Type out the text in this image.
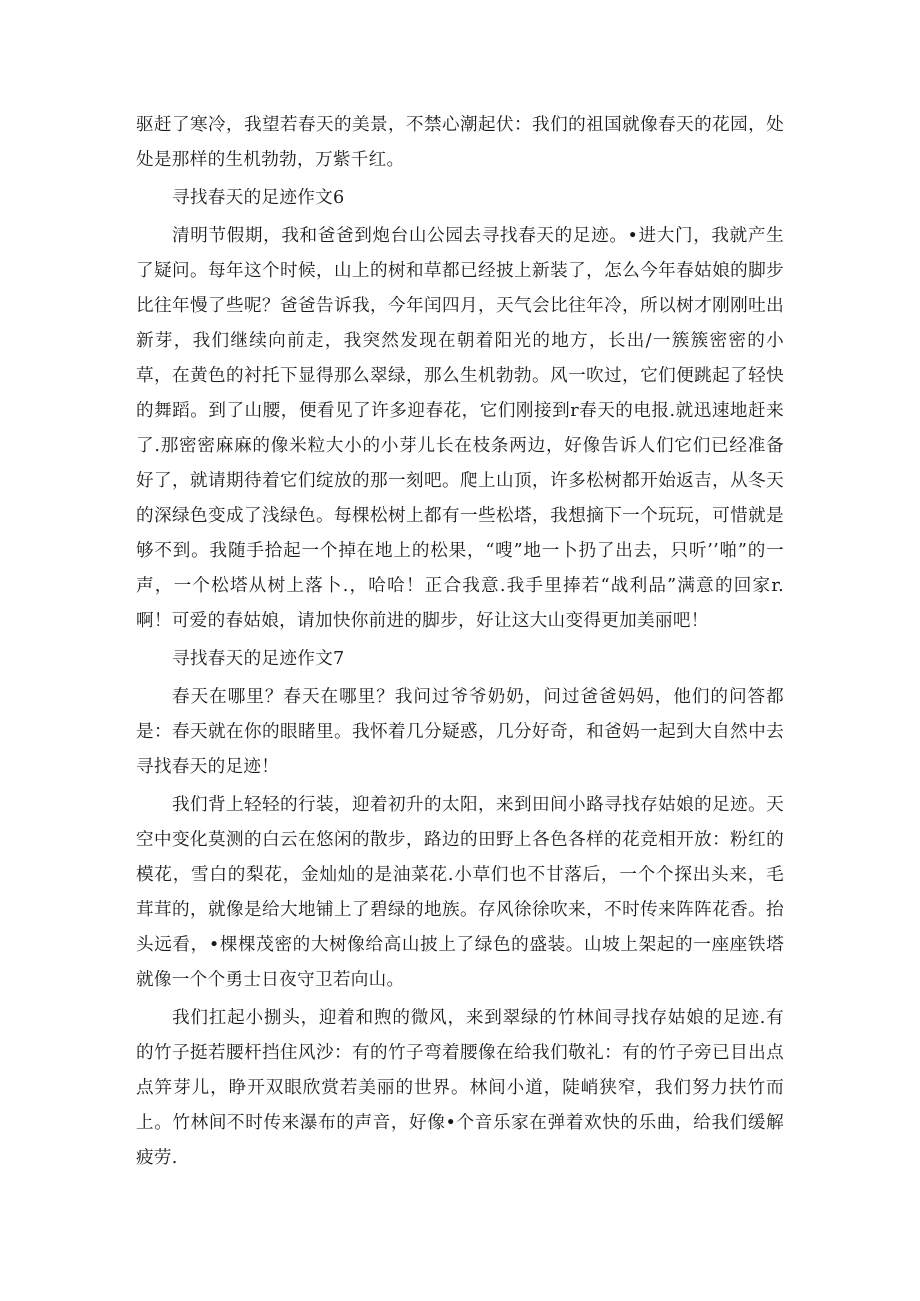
驱赶了寒冷，我望若春天的美景，不禁心潮起伏：我们的祖国就像春天的花园，处处是那样的生机勃勃，万紫千红。

寻找春天的足迹作文6

清明节假期，我和爸爸到炮台山公园去寻找春天的足迹。•进大门，我就产生了疑问。每年这个时候，山上的树和草都已经披上新装了，怎么今年春姑娘的脚步比往年慢了些呢？爸爸告诉我，今年闰四月，天气会比往年冷，所以树才刚刚吐出新芽，我们继续向前走，我突然发现在朝着阳光的地方，长出/一簇簇密密的小草，在黄色的衬托下显得那么翠绿，那么生机勃勃。风一吹过，它们便跳起了轻快的舞蹈。到了山腰，便看见了许多迎春花，它们刚接到r春天的电报.就迅速地赶来了.那密密麻麻的像米粒大小的小芽儿长在枝条两边，好像告诉人们它们已经准备好了，就请期待着它们绽放的那一刻吧。爬上山顶，许多松树都开始返吉，从冬天的深绿色变成了浅绿色。每棵松树上都有一些松塔，我想摘下一个玩玩，可惜就是够不到。我随手拾起一个掉在地上的松果，“嗖”地一卜扔了出去，只听’’啪”的一声，一个松塔从树上落卜.，哈哈！正合我意.我手里捧若“战利品”满意的回家r.啊！可爱的春姑娘，请加快你前进的脚步，好让这大山变得更加美丽吧！

寻找春天的足迹作文7

春天在哪里？春天在哪里？我问过爷爷奶奶，问过爸爸妈妈，他们的问答都是：春天就在你的眼睹里。我怀着几分疑惑，几分好奇，和爸妈一起到大自然中去寻找春天的足迹！

我们背上轻轻的行装，迎着初升的太阳，来到田间小路寻找存姑娘的足迹。天空中变化莫测的白云在悠闲的散步，路边的田野上各色各样的花竞相开放：粉红的模花，雪白的梨花，金灿灿的是油菜花.小草们也不甘落后，一个个探出头来，毛茸茸的，就像是给大地铺上了碧绿的地族。存风徐徐吹来，不时传来阵阵花香。抬头远看，•棵棵茂密的大树像给高山披上了绿色的盛装。山坡上架起的一座座铁塔就像一个个勇士日夜守卫若向山。

我们扛起小捌头，迎着和煦的微风，来到翠绿的竹林间寻找存姑娘的足迹.有的竹子挺若腰杆挡住风沙：有的竹子弯着腰像在给我们敬礼：有的竹子旁已目出点点笄芽儿，睁开双眼欣赏若美丽的世界。林间小道，陡峭狭窄，我们努力扶竹而上。竹林间不时传来瀑布的声音，好像•个音乐家在弹着欢快的乐曲，给我们缓解疲劳.
